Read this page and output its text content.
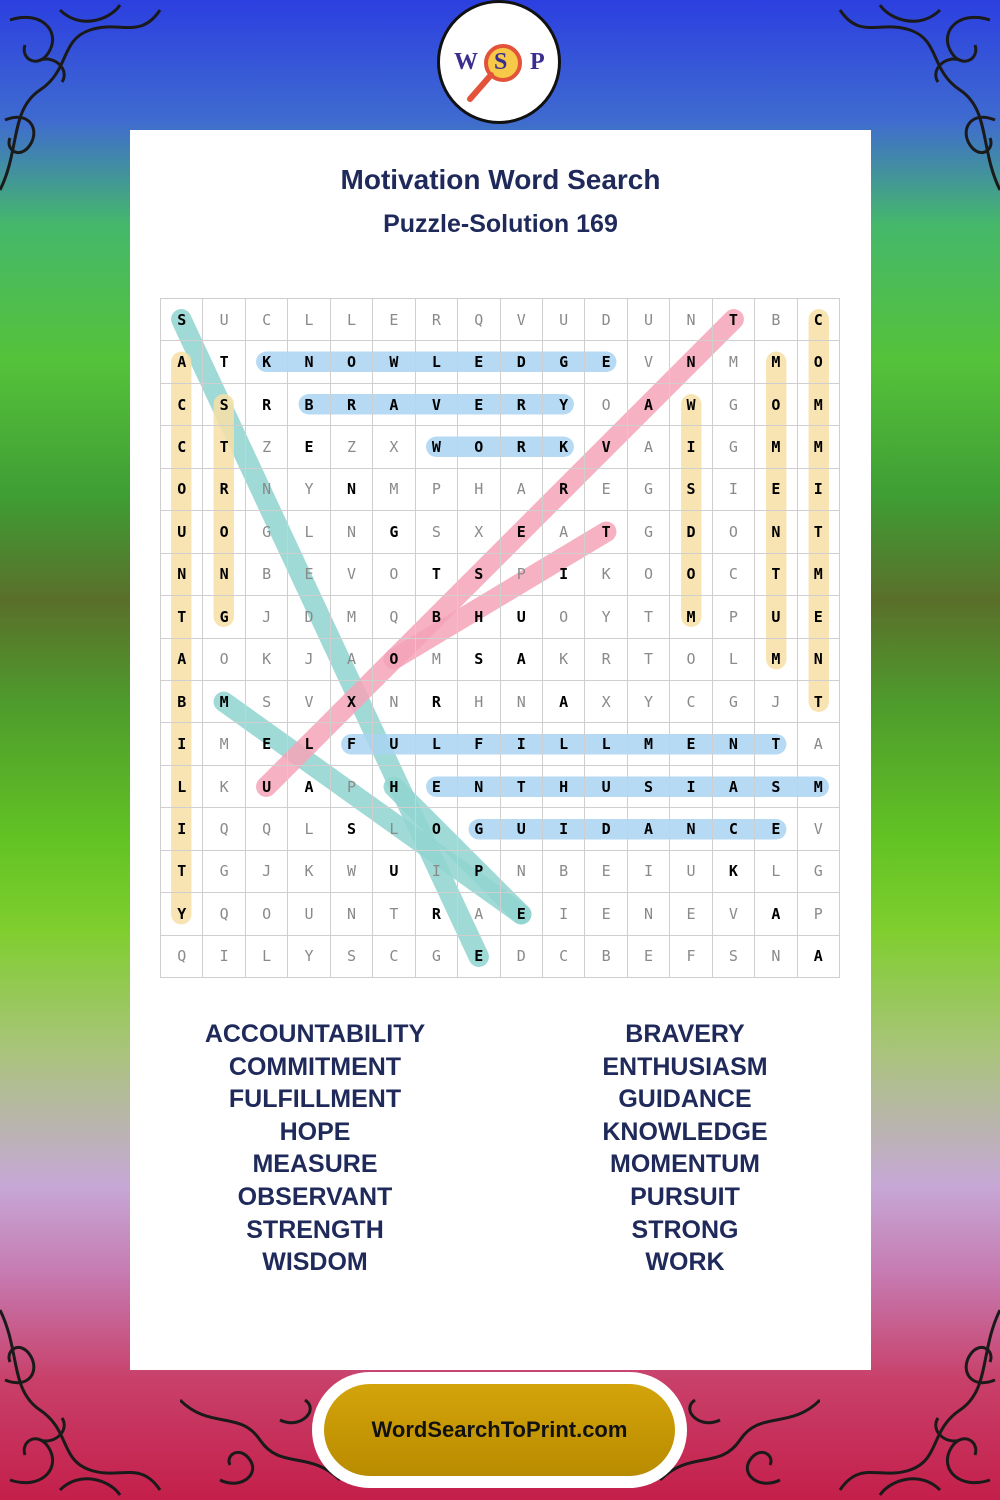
W S P
Motivation Word Search
Puzzle-Solution 169
S	U	C	L	L	E	R	Q	V	U	D	U	N	T	B	C
A	T	K	N	O	W	L	E	D	G	E	V	N	M	M	O
C	S	R	B	R	A	V	E	R	Y	O	A	W	G	O	M
C	T	Z	E	Z	X	W	O	R	K	V	A	I	G	M	M
O	R	N	Y	N	M	P	H	A	R	E	G	S	I	E	I
U	O	G	L	N	G	S	X	E	A	T	G	D	O	N	T
N	N	B	E	V	O	T	S	P	I	K	O	O	C	T	M
T	G	J	D	M	Q	B	H	U	O	Y	T	M	P	U	E
A	O	K	J	A	O	M	S	A	K	R	T	O	L	M	N
B	M	S	V	X	N	R	H	N	A	X	Y	C	G	J	T
I	M	E	L	F	U	L	F	I	L	L	M	E	N	T	A
L	K	U	A	P	H	E	N	T	H	U	S	I	A	S	M
I	Q	Q	L	S	L	O	G	U	I	D	A	N	C	E	V
T	G	J	K	W	U	I	P	N	B	E	I	U	K	L	G
Y	Q	O	U	N	T	R	A	E	I	E	N	E	V	A	P
Q	I	L	Y	S	C	G	E	D	C	B	E	F	S	N	A
ACCOUNTABILITY
COMMITMENT
FULFILLMENT
HOPE
MEASURE
OBSERVANT
STRENGTH
WISDOM
BRAVERY
ENTHUSIASM
GUIDANCE
KNOWLEDGE
MOMENTUM
PURSUIT
STRONG
WORK
WordSearchToPrint.com
